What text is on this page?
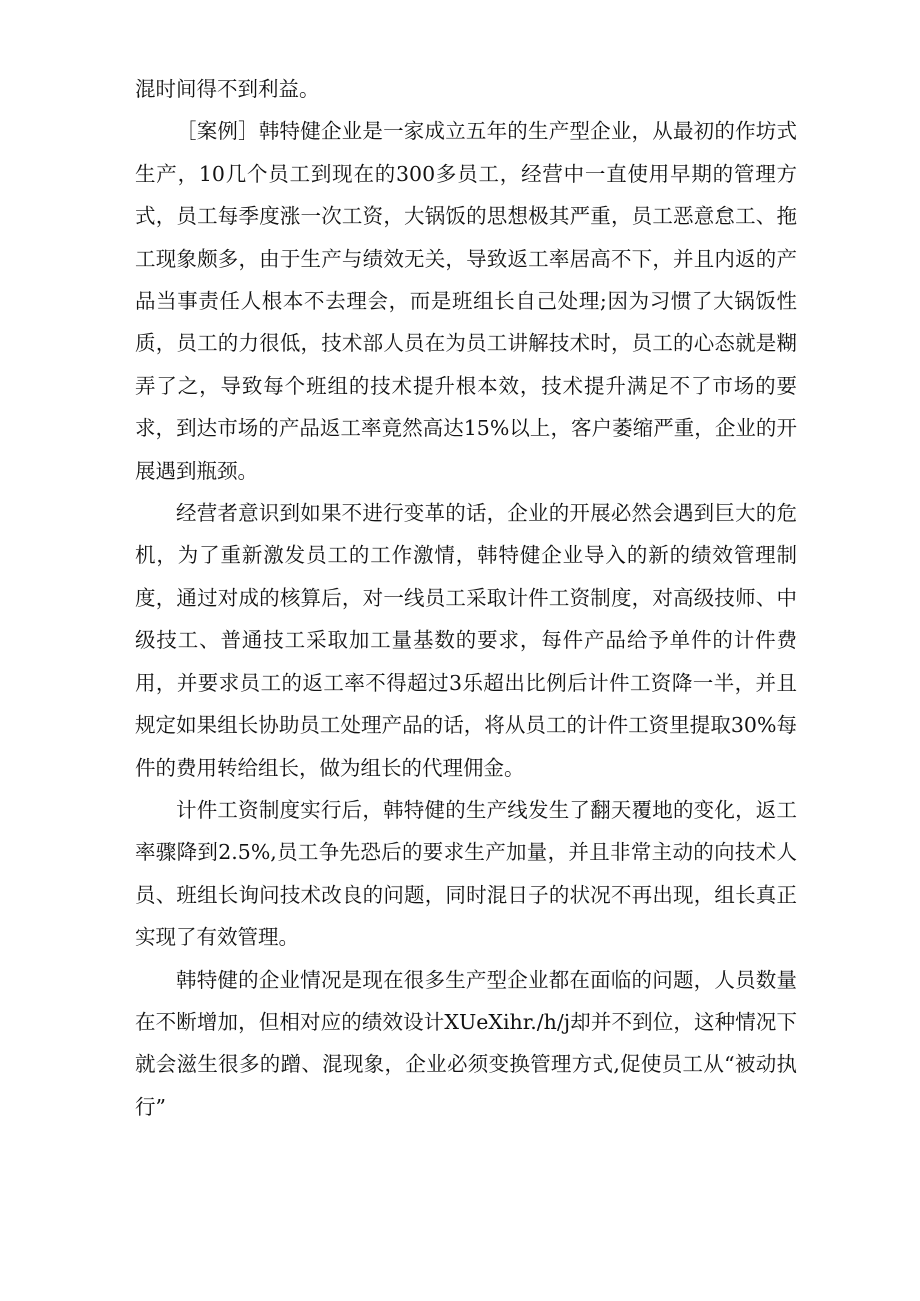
混时间得不到利益。

［案例］韩特健企业是一家成立五年的生产型企业，从最初的作坊式生产，10几个员工到现在的300多员工，经营中一直使用早期的管理方式，员工每季度涨一次工资，大锅饭的思想极其严重，员工恶意怠工、拖工现象颇多，由于生产与绩效无关，导致返工率居高不下，并且内返的产品当事责任人根本不去理会，而是班组长自己处理;因为习惯了大锅饭性质，员工的力很低，技术部人员在为员工讲解技术时，员工的心态就是糊弄了之，导致每个班组的技术提升根本效，技术提升满足不了市场的要求，到达市场的产品返工率竟然高达15%以上，客户萎缩严重，企业的开展遇到瓶颈。

经营者意识到如果不进行变革的话，企业的开展必然会遇到巨大的危机，为了重新激发员工的工作激情，韩特健企业导入的新的绩效管理制度，通过对成的核算后，对一线员工采取计件工资制度，对高级技师、中级技工、普通技工采取加工量基数的要求，每件产品给予单件的计件费用，并要求员工的返工率不得超过3乐超出比例后计件工资降一半，并且规定如果组长协助员工处理产品的话，将从员工的计件工资里提取30%每件的费用转给组长，做为组长的代理佣金。

计件工资制度实行后，韩特健的生产线发生了翻天覆地的变化，返工率骤降到2.5%,员工争先恐后的要求生产加量，并且非常主动的向技术人员、班组长询问技术改良的问题，同时混日子的状况不再出现，组长真正实现了有效管理。

韩特健的企业情况是现在很多生产型企业都在面临的问题，人员数量在不断增加，但相对应的绩效设计XUeXihr./h/j却并不到位，这种情况下就会滋生很多的蹭、混现象，企业必须变换管理方式,促使员工从“被动执行”
